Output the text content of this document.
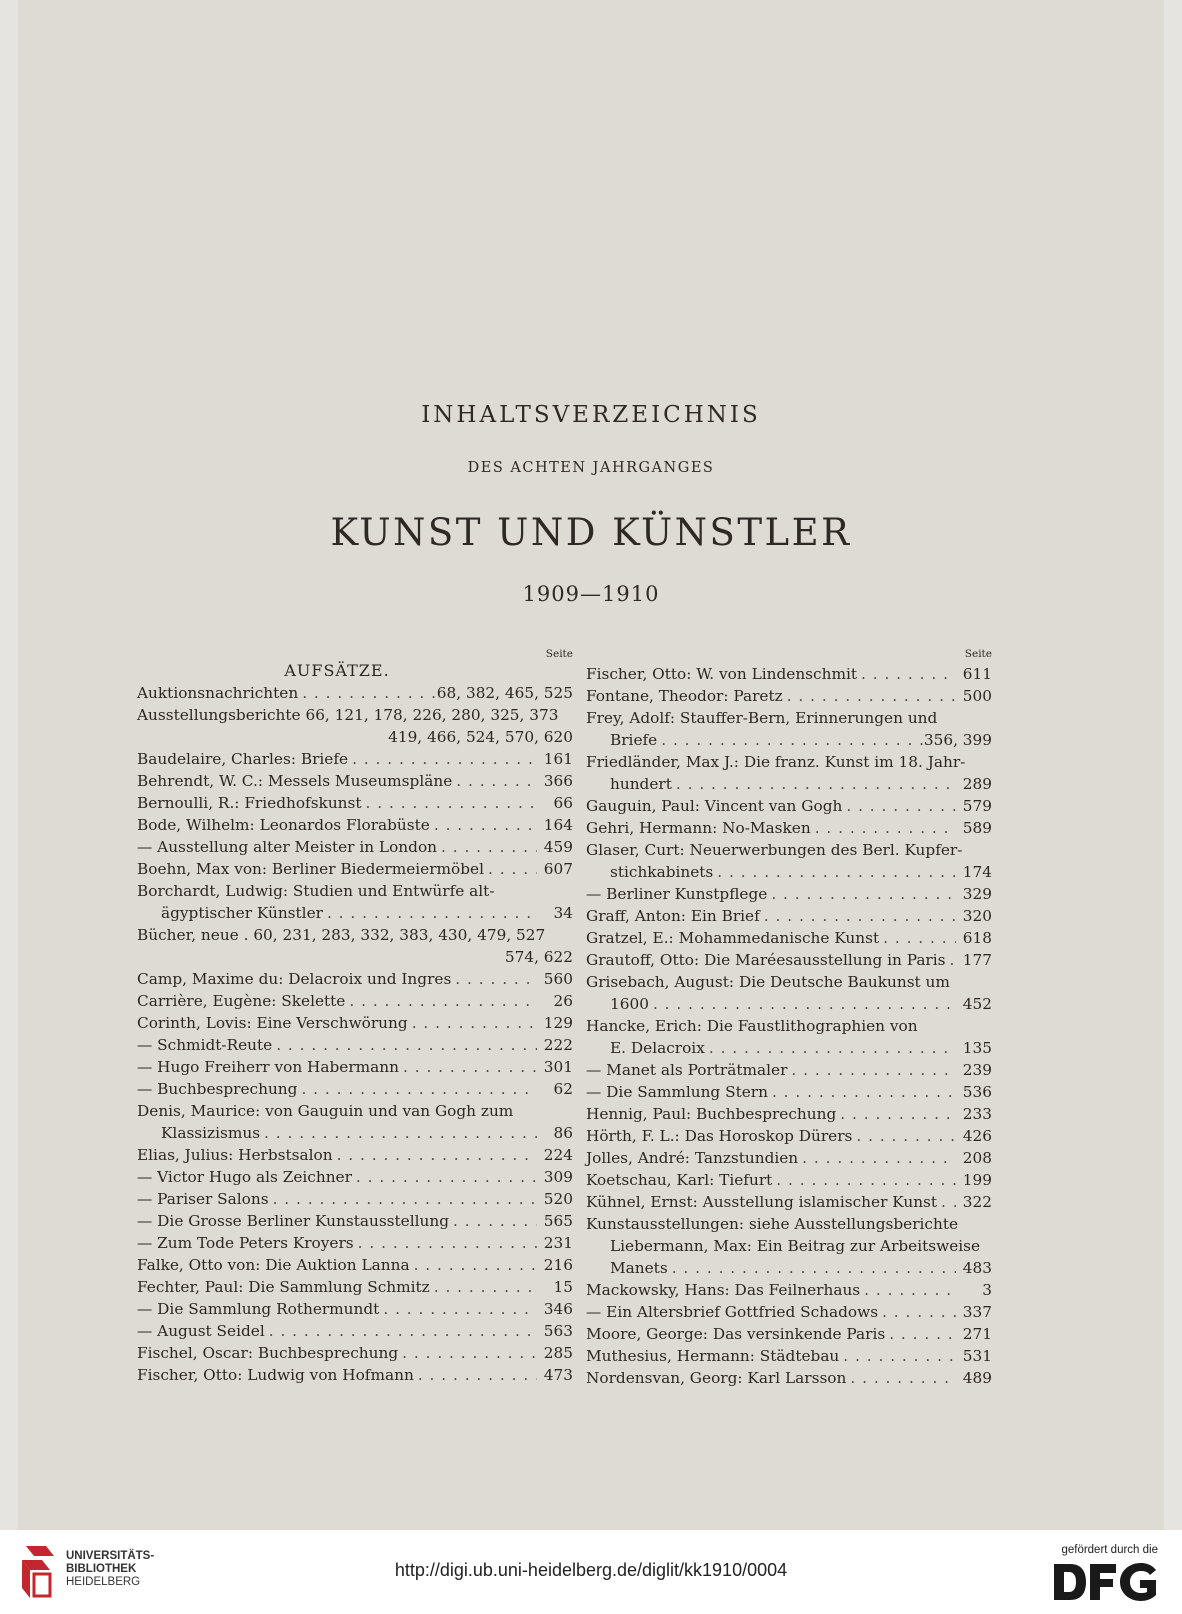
INHALTSVERZEICHNIS
DES ACHTEN JAHRGANGES
KUNST UND KÜNSTLER
1909—1910
Seite
AUFSÄTZE.
Auktionsnachrichten . . .	68, 382, 465, 525
Ausstellungsberichte 66, 121, 178, 226, 280, 325, 373
419, 466, 524, 570, 620
Baudelaire, Charles: Briefe . . .	161
Behrendt, W. C.: Messels Museumspläne . . .	366
Bernoulli, R.: Friedhofskunst . . .	66
Bode, Wilhelm: Leonardos Florabüste . . .	164
— Ausstellung alter Meister in London . . .	459
Boehn, Max von: Berliner Biedermeiermöbel . . .	607
Borchardt, Ludwig: Studien und Entwürfe alt-
ägyptischer Künstler . . .	34
Bücher, neue . 60, 231, 283, 332, 383, 430, 479, 527
574, 622
Camp, Maxime du: Delacroix und Ingres . . .	560
Carrière, Eugène: Skelette . . .	26
Corinth, Lovis: Eine Verschwörung . . .	129
— Schmidt-Reute . . .	222
— Hugo Freiherr von Habermann . . .	301
— Buchbesprechung . . .	62
Denis, Maurice: von Gauguin und van Gogh zum
Klassizismus . . .	86
Elias, Julius: Herbstsalon . . .	224
— Victor Hugo als Zeichner . . .	309
— Pariser Salons . . .	520
— Die Grosse Berliner Kunstausstellung . . .	565
— Zum Tode Peters Kroyers . . .	231
Falke, Otto von: Die Auktion Lanna . . .	216
Fechter, Paul: Die Sammlung Schmitz . . .	15
— Die Sammlung Rothermundt . . .	346
— August Seidel . . .	563
Fischel, Oscar: Buchbesprechung . . .	285
Fischer, Otto: Ludwig von Hofmann . . .	473
Seite
Fischer, Otto: W. von Lindenschmit . . .	611
Fontane, Theodor: Paretz . . .	500
Frey, Adolf: Stauffer-Bern, Erinnerungen und
Briefe . . .	356, 399
Friedländer, Max J.: Die franz. Kunst im 18. Jahr-
hundert . . .	289
Gauguin, Paul: Vincent van Gogh . . .	579
Gehri, Hermann: No-Masken . . .	589
Glaser, Curt: Neuerwerbungen des Berl. Kupfer-
stichkabinets . . .	174
— Berliner Kunstpflege . . .	329
Graff, Anton: Ein Brief . . .	320
Gratzel, E.: Mohammedanische Kunst . . .	618
Grautoff, Otto: Die Maréesausstellung in Paris . . .	177
Grisebach, August: Die Deutsche Baukunst um
1600 . . .	452
Hancke, Erich: Die Faustlithographien von
E. Delacroix . . .	135
— Manet als Porträtmaler . . .	239
— Die Sammlung Stern . . .	536
Hennig, Paul: Buchbesprechung . . .	233
Hörth, F. L.: Das Horoskop Dürers . . .	426
Jolles, André: Tanzstundien . . .	208
Koetschau, Karl: Tiefurt . . .	199
Kühnel, Ernst: Ausstellung islamischer Kunst . . .	322
Kunstausstellungen: siehe Ausstellungsberichte
Liebermann, Max: Ein Beitrag zur Arbeitsweise
Manets . . .	483
Mackowsky, Hans: Das Feilnerhaus . . .	3
— Ein Altersbrief Gottfried Schadows . . .	337
Moore, George: Das versinkende Paris . . .	271
Muthesius, Hermann: Städtebau . . .	531
Nordensvan, Georg: Karl Larsson . . .	489
UNIVERSITÄTS-
BIBLIOTHEK
HEIDELBERG
http://digi.ub.uni-heidelberg.de/diglit/kk1910/0004
gefördert durch die
